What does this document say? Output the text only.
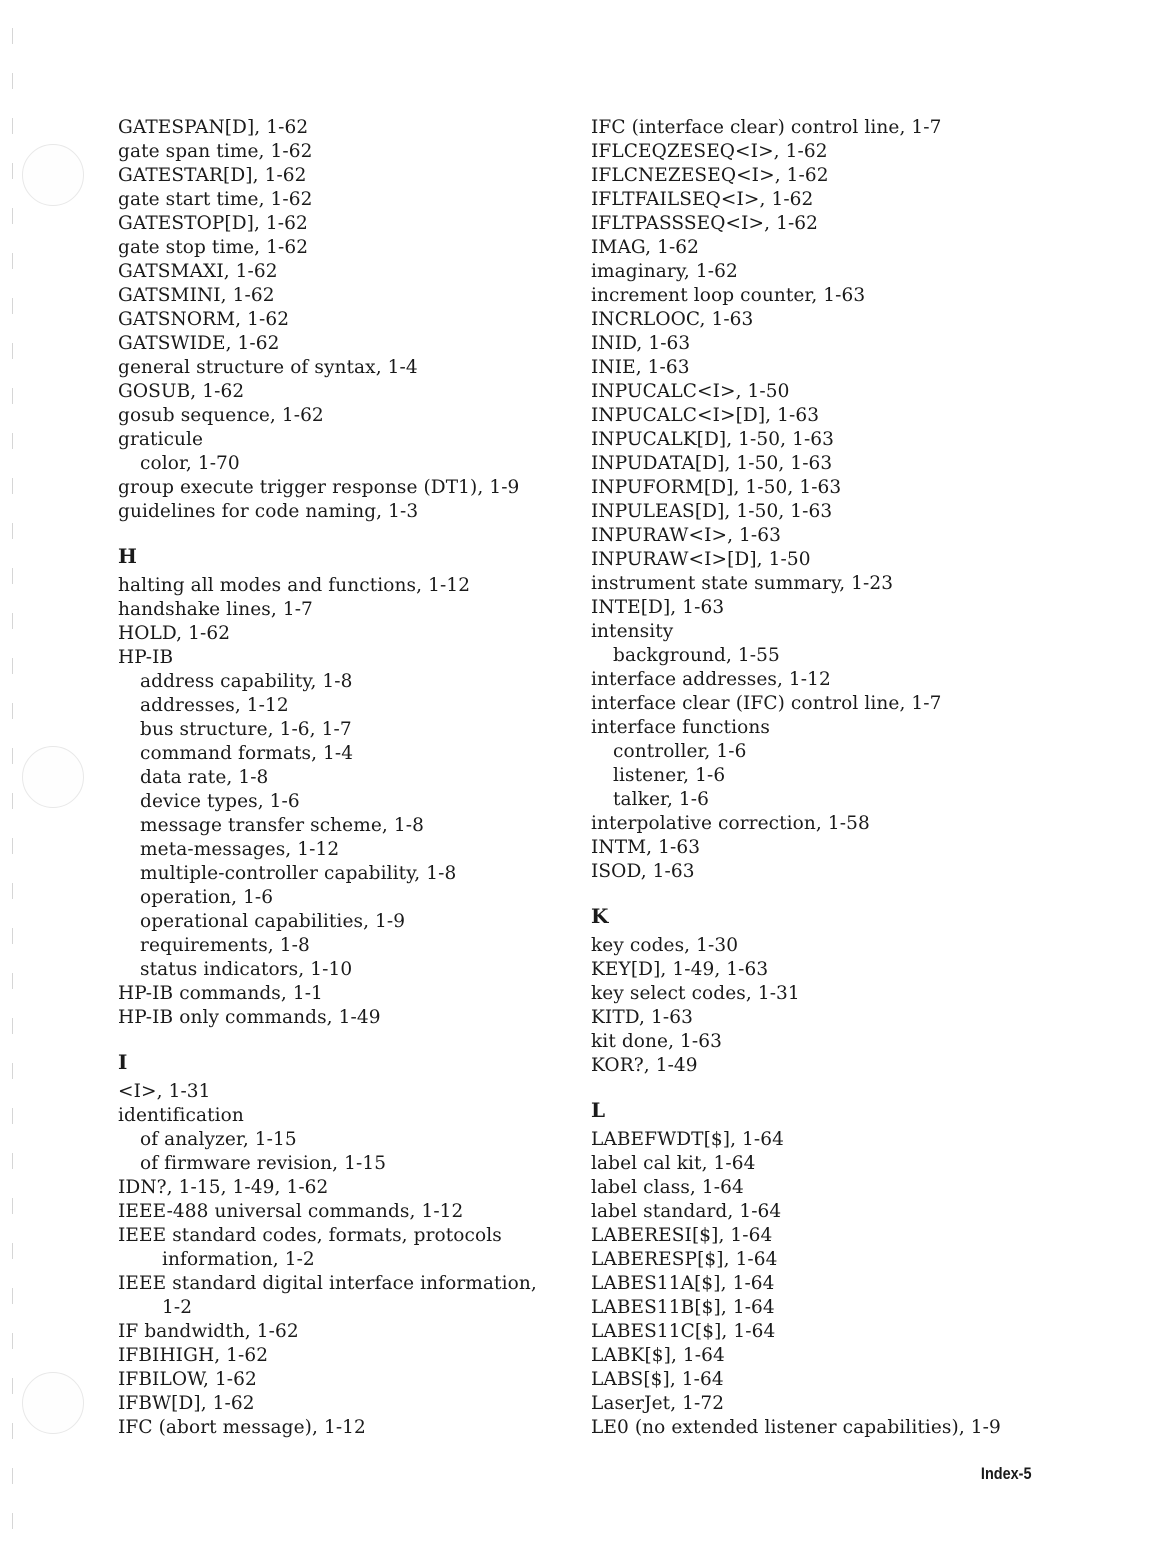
GATESPAN[D], 1-62
gate span time, 1-62
GATESTAR[D], 1-62
gate start time, 1-62
GATESTOP[D], 1-62
gate stop time, 1-62
GATSMAXI, 1-62
GATSMINI, 1-62
GATSNORM, 1-62
GATSWIDE, 1-62
general structure of syntax, 1-4
GOSUB, 1-62
gosub sequence, 1-62
graticule
color, 1-70
group execute trigger response (DT1), 1-9
guidelines for code naming, 1-3
H
halting all modes and functions, 1-12
handshake lines, 1-7
HOLD, 1-62
HP-IB
address capability, 1-8
addresses, 1-12
bus structure, 1-6, 1-7
command formats, 1-4
data rate, 1-8
device types, 1-6
message transfer scheme, 1-8
meta-messages, 1-12
multiple-controller capability, 1-8
operation, 1-6
operational capabilities, 1-9
requirements, 1-8
status indicators, 1-10
HP-IB commands, 1-1
HP-IB only commands, 1-49
I
<I>, 1-31
identification
of analyzer, 1-15
of firmware revision, 1-15
IDN?, 1-15, 1-49, 1-62
IEEE-488 universal commands, 1-12
IEEE standard codes, formats, protocols information, 1-2
IEEE standard digital interface information, 1-2
IF bandwidth, 1-62
IFBIHIGH, 1-62
IFBILOW, 1-62
IFBW[D], 1-62
IFC (abort message), 1-12
IFC (interface clear) control line, 1-7
IFLCEQZESEQ<I>, 1-62
IFLCNEZESEQ<I>, 1-62
IFLTFAILSEQ<I>, 1-62
IFLTPASSSEQ<I>, 1-62
IMAG, 1-62
imaginary, 1-62
increment loop counter, 1-63
INCRLOOC, 1-63
INID, 1-63
INIE, 1-63
INPUCALC<I>, 1-50
INPUCALC<I>[D], 1-63
INPUCALK[D], 1-50, 1-63
INPUDATA[D], 1-50, 1-63
INPUFORM[D], 1-50, 1-63
INPULEAS[D], 1-50, 1-63
INPURAW<I>, 1-63
INPURAW<I>[D], 1-50
instrument state summary, 1-23
INTE[D], 1-63
intensity
background, 1-55
interface addresses, 1-12
interface clear (IFC) control line, 1-7
interface functions
controller, 1-6
listener, 1-6
talker, 1-6
interpolative correction, 1-58
INTM, 1-63
ISOD, 1-63
K
key codes, 1-30
KEY[D], 1-49, 1-63
key select codes, 1-31
KITD, 1-63
kit done, 1-63
KOR?, 1-49
L
LABEFWDT[$], 1-64
label cal kit, 1-64
label class, 1-64
label standard, 1-64
LABERESI[$], 1-64
LABERESP[$], 1-64
LABES11A[$], 1-64
LABES11B[$], 1-64
LABES11C[$], 1-64
LABK[$], 1-64
LABS[$], 1-64
LaserJet, 1-72
LE0 (no extended listener capabilities), 1-9
Index-5
